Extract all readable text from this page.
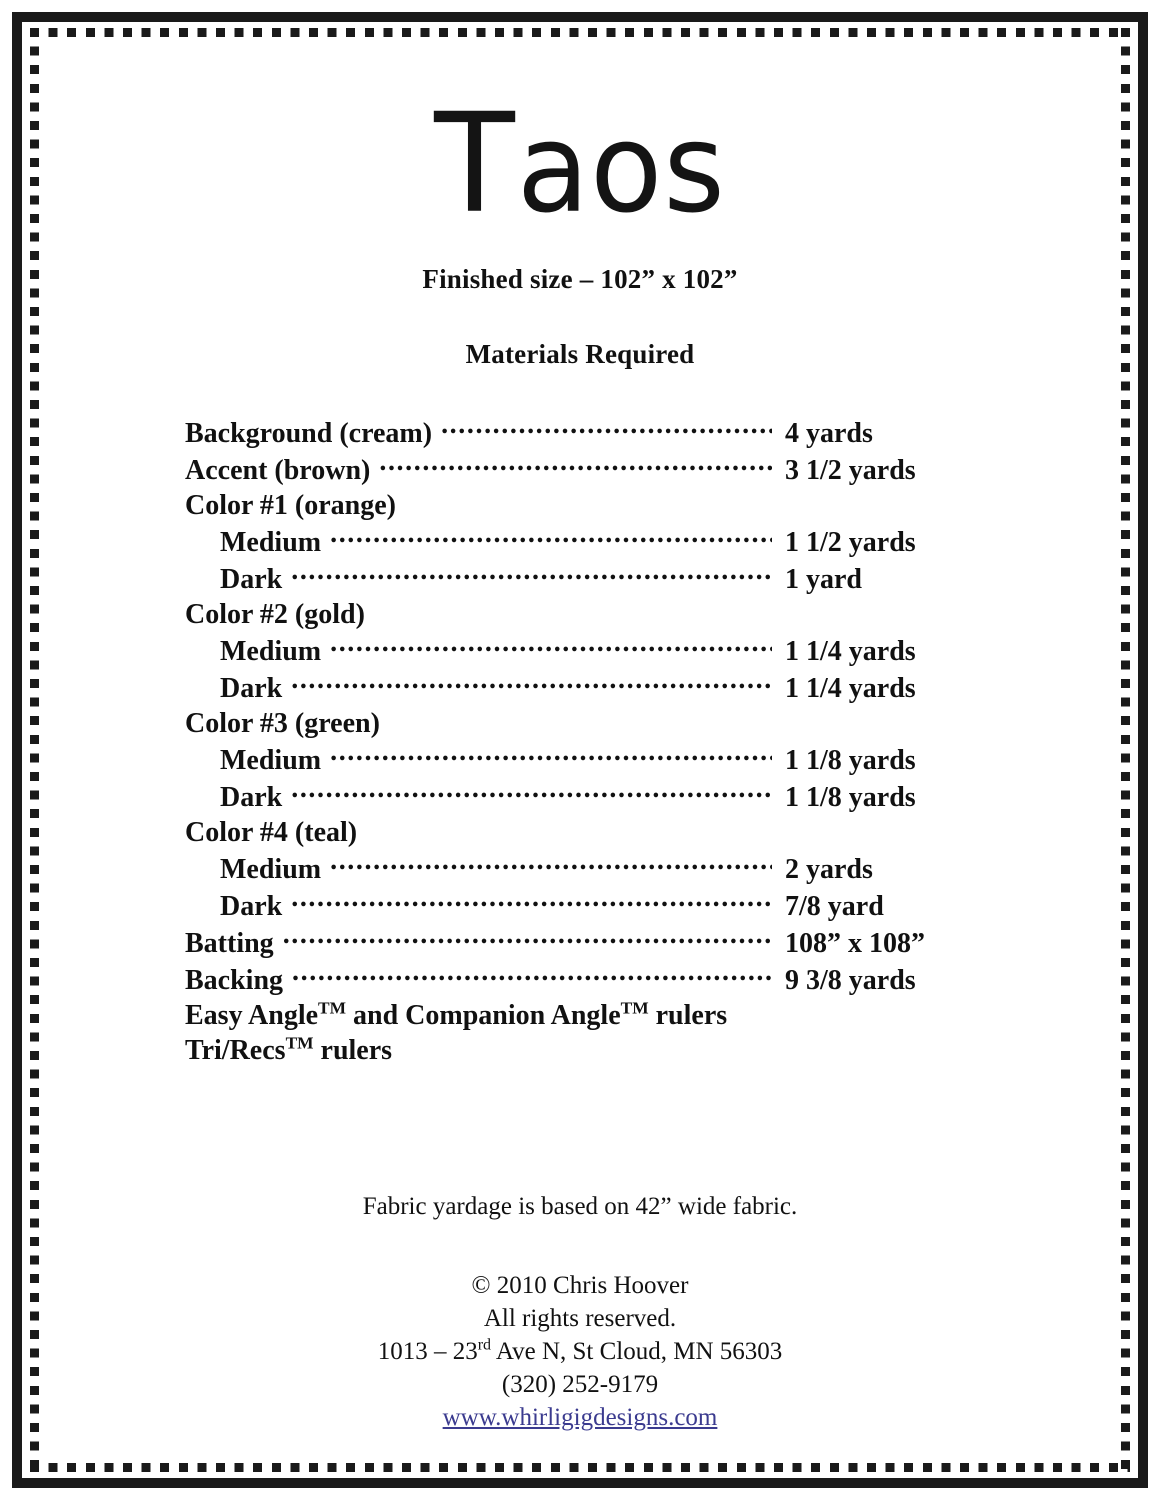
Taos
Finished size – 102” x 102”
Materials Required
Background (cream) .....	4 yards
Accent (brown) .....	3 1/2 yards
Color #1 (orange)
Medium .....	1 1/2 yards
Dark .....	1 yard
Color #2 (gold)
Medium .....	1 1/4 yards
Dark .....	1 1/4 yards
Color #3 (green)
Medium .....	1 1/8 yards
Dark .....	1 1/8 yards
Color #4 (teal)
Medium .....	2 yards
Dark .....	7/8 yard
Batting .....	108” x 108”
Backing .....	9 3/8 yards
Easy Angle™ and Companion Angle™ rulers
Tri/Recs™ rulers
Fabric yardage is based on 42” wide fabric.
© 2010 Chris Hoover
All rights reserved.
1013 – 23rd Ave N, St Cloud, MN 56303
(320) 252-9179
www.whirligigdesigns.com
